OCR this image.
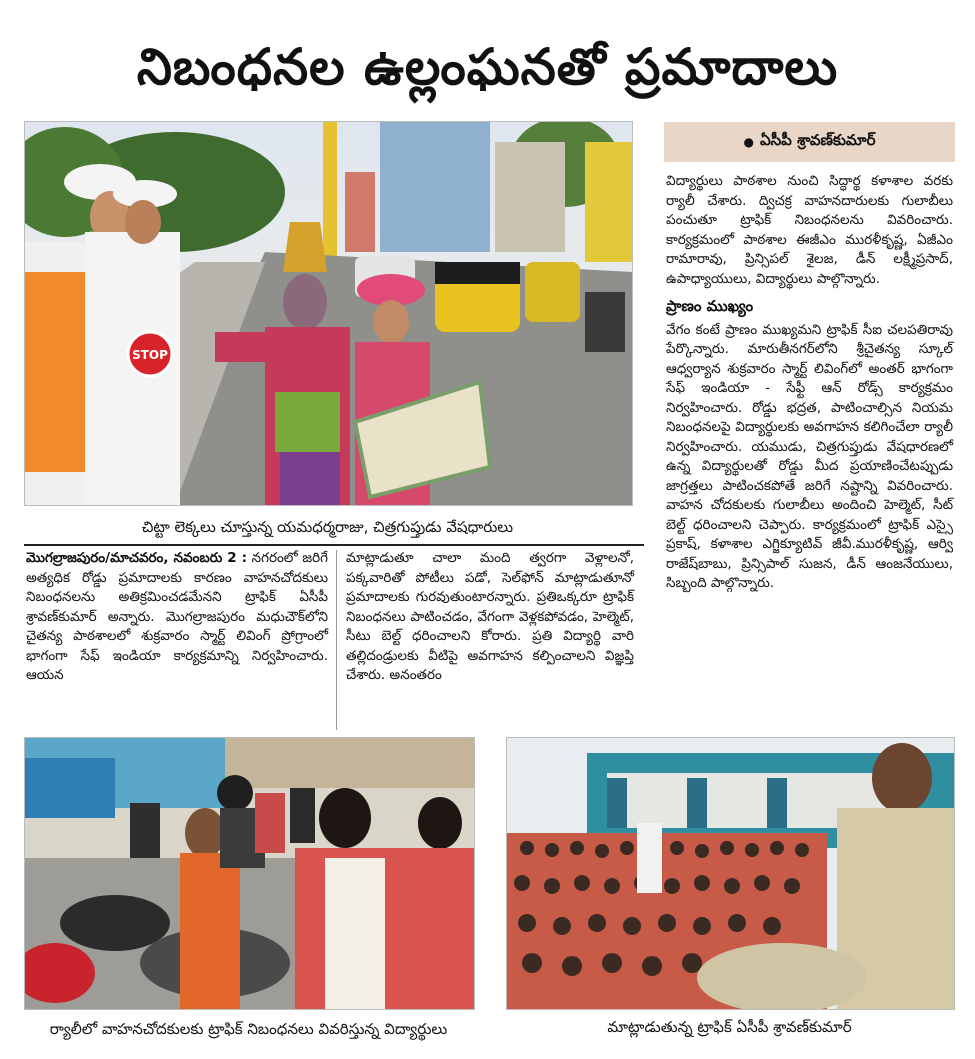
నిబంధనల ఉల్లంఘనతో ప్రమాదాలు
STOP
చిట్టా లెక్కలు చూస్తున్న యమధర్మరాజు, చిత్రగుప్తుడు వేషధారులు
● ఏసీపీ శ్రావణ్‌కుమార్
విద్యార్థులు పాఠశాల నుంచి సిద్ధార్థ కళాశాల వరకు ర్యాలీ చేశారు. ద్విచక్ర వాహనదారులకు గులాబీలు పంచుతూ ట్రాఫిక్ నిబంధనలను వివరించారు. కార్యక్రమంలో పాఠశాల ఈజీఎం మురళీకృష్ణ, ఏజీఎం రామారావు, ప్రిన్సిపల్ శైలజ, డీన్ లక్ష్మీప్రసాద్, ఉపాధ్యాయులు, విద్యార్థులు పాల్గొన్నారు.
ప్రాణం ముఖ్యం
వేగం కంటే ప్రాణం ముఖ్యమని ట్రాఫిక్ సీఐ చలపతిరావు పేర్కొన్నారు. మారుతీనగర్‌లోని శ్రీచైతన్య స్కూల్ ఆధ్వర్యాన శుక్రవారం స్మార్ట్ లివింగ్‌లో అంతర్ భాగంగా సేఫ్ ఇండియా - సేఫ్టీ ఆన్ రోడ్స్ కార్యక్రమం నిర్వహించారు. రోడ్డు భద్రత, పాటించాల్సిన నియమ నిబంధనలపై విద్యార్థులకు అవగాహన కలిగించేలా ర్యాలీ నిర్వహించారు. యముడు, చిత్రగుప్తుడు వేషధారణలో ఉన్న విద్యార్థులతో రోడ్డు మీద ప్రయాణించేటప్పుడు జాగ్రత్తలు పాటించకపోతే జరిగే నష్టాన్ని వివరించారు. వాహన చోదకులకు గులాబీలు అందించి హెల్మెట్, సీట్ బెల్ట్ ధరించాలని చెప్పారు. కార్యక్రమంలో ట్రాఫిక్ ఎస్సై ప్రకాష్, కళాశాల ఎగ్జిక్యూటివ్ జీవీ.మురళీకృష్ణ, ఆర్వి రాజేష్‌బాబు, ప్రిన్సిపాల్ సుజన, డీన్ ఆంజనేయులు, సిబ్బంది పాల్గొన్నారు.
మొగల్రాజపురం/మాచవరం, నవంబరు 2 : నగరంలో జరిగే అత్యధిక రోడ్డు ప్రమాదాలకు కారణం వాహనచోదకులు నిబంధనలను అతిక్రమించడమేనని ట్రాఫిక్ ఏసీపీ శ్రావణ్‌కుమార్ అన్నారు. మొగల్రాజపురం మధుచౌక్‌లోని చైతన్య పాఠశాలలో శుక్రవారం స్మార్ట్ లివింగ్ ప్రోగ్రాంలో భాగంగా సేఫ్ ఇండియా కార్యక్రమాన్ని నిర్వహించారు. ఆయన
మాట్లాడుతూ చాలా మంది త్వరగా వెళ్లాలనో, పక్కవారితో పోటీలు పడో, సెల్‌ఫోన్ మాట్లాడుతూనో ప్రమాదాలకు గురవుతుంటారన్నారు. ప్రతిఒక్కరూ ట్రాఫిక్ నిబంధనలు పాటించడం, వేగంగా వెళ్లకపోవడం, హెల్మెట్, సీటు బెల్ట్ ధరించాలని కోరారు. ప్రతి విద్యార్థి వారి తల్లిదండ్రులకు వీటిపై అవగాహన కల్పించాలని విజ్ఞప్తి చేశారు. అనంతరం
ర్యాలీలో వాహనచోదకులకు ట్రాఫిక్ నిబంధనలు వివరిస్తున్న విద్యార్థులు	మాట్లాడుతున్న ట్రాఫిక్ ఏసీపీ శ్రావణ్‌కుమార్
